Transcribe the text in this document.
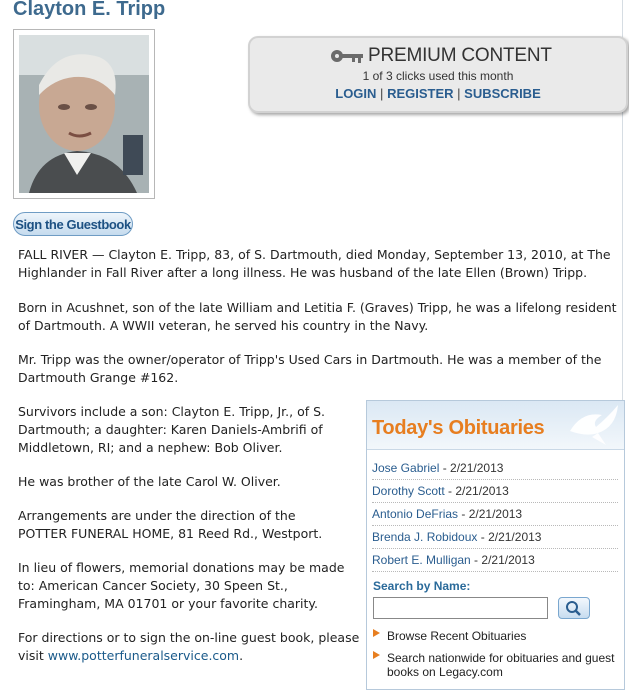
Clayton E. Tripp
Sign the Guestbook
PREMIUM CONTENT
1 of 3 clicks used this month
LOGIN | REGISTER | SUBSCRIBE

FALL RIVER — Clayton E. Tripp, 83, of S. Dartmouth, died Monday, September 13, 2010, at The Highlander in Fall River after a long illness. He was husband of the late Ellen (Brown) Tripp.

Born in Acushnet, son of the late William and Letitia F. (Graves) Tripp, he was a lifelong resident of Dartmouth. A WWII veteran, he served his country in the Navy.

Mr. Tripp was the owner/operator of Tripp's Used Cars in Dartmouth. He was a member of the Dartmouth Grange #162.

Survivors include a son: Clayton E. Tripp, Jr., of S. Dartmouth; a daughter: Karen Daniels-Ambrifi of Middletown, RI; and a nephew: Bob Oliver.

He was brother of the late Carol W. Oliver.

Arrangements are under the direction of the POTTER FUNERAL HOME, 81 Reed Rd., Westport.

In lieu of flowers, memorial donations may be made to: American Cancer Society, 30 Speen St., Framingham, MA 01701 or your favorite charity.

For directions or to sign the on-line guest book, please visit www.potterfuneralservice.com.

Today's Obituaries
Jose Gabriel - 2/21/2013
Dorothy Scott - 2/21/2013
Antonio DeFrias - 2/21/2013
Brenda J. Robidoux - 2/21/2013
Robert E. Mulligan - 2/21/2013
Search by Name:
Browse Recent Obituaries
Search nationwide for obituaries and guest books on Legacy.com
